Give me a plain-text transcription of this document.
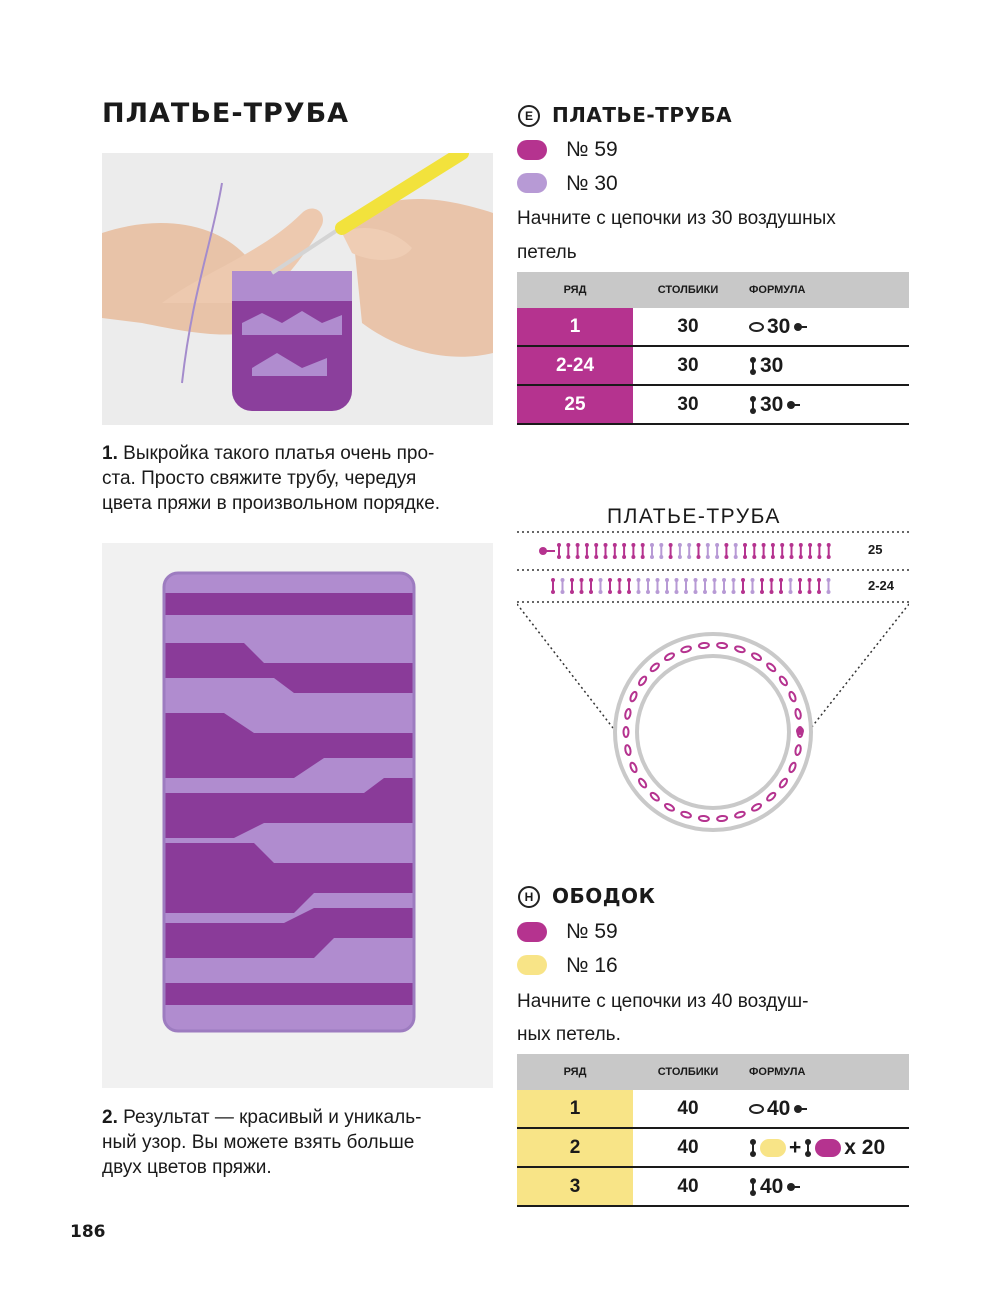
ПЛАТЬЕ-ТРУБА
1. Выкройка такого платья очень про-
ста. Просто свяжите трубу, чередуя
цвета пряжи в произвольном порядке.
2. Результат — красивый и уникаль-
ный узор. Вы можете взять больше
двух цветов пряжи.
186
E ПЛАТЬЕ-ТРУБА
№ 59
№ 30
Начните с цепочки из 30 воздушных
петель
РЯД	СТОЛБИКИ	ФОРМУЛА
1	30	30

2-24	30	30

25	30	30
ПЛАТЬЕ-ТРУБА
25
2-24
H ОБОДОК
№ 59
№ 16
Начните с цепочки из 40 воздуш-
ных петель.
РЯД	СТОЛБИКИ	ФОРМУЛА
1	40	40

2	40	+ x 20

3	40	40
